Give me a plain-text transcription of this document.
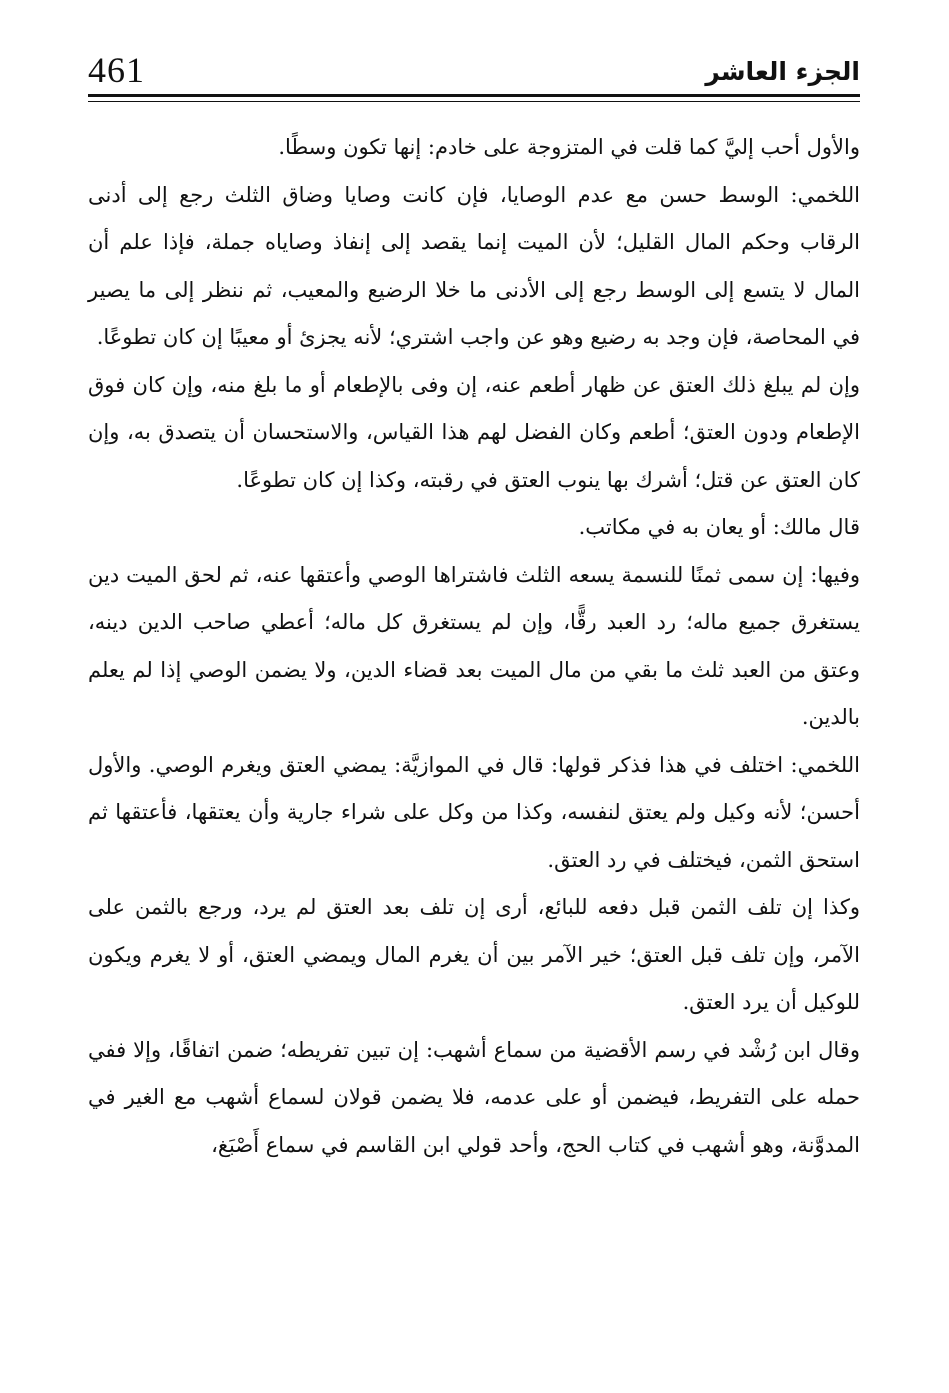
461	الجزء العاشر

والأول أحب إليَّ كما قلت في المتزوجة على خادم: إنها تكون وسطًا.

اللخمي: الوسط حسن مع عدم الوصايا، فإن كانت وصايا وضاق الثلث رجع إلى أدنى الرقاب وحكم المال القليل؛ لأن الميت إنما يقصد إلى إنفاذ وصاياه جملة، فإذا علم أن المال لا يتسع إلى الوسط رجع إلى الأدنى ما خلا الرضيع والمعيب، ثم ننظر إلى ما يصير في المحاصة، فإن وجد به رضيع وهو عن واجب اشتري؛ لأنه يجزئ أو معيبًا إن كان تطوعًا.

وإن لم يبلغ ذلك العتق عن ظهار أطعم عنه، إن وفى بالإطعام أو ما بلغ منه، وإن كان فوق الإطعام ودون العتق؛ أطعم وكان الفضل لهم هذا القياس، والاستحسان أن يتصدق به، وإن كان العتق عن قتل؛ أشرك بها ينوب العتق في رقبته، وكذا إن كان تطوعًا.

قال مالك: أو يعان به في مكاتب.

وفيها: إن سمى ثمنًا للنسمة يسعه الثلث فاشتراها الوصي وأعتقها عنه، ثم لحق الميت دين يستغرق جميع ماله؛ رد العبد رقًّا، وإن لم يستغرق كل ماله؛ أعطي صاحب الدين دينه، وعتق من العبد ثلث ما بقي من مال الميت بعد قضاء الدين، ولا يضمن الوصي إذا لم يعلم بالدين.

اللخمي: اختلف في هذا فذكر قولها: قال في الموازيَّة: يمضي العتق ويغرم الوصي. والأول أحسن؛ لأنه وكيل ولم يعتق لنفسه، وكذا من وكل على شراء جارية وأن يعتقها، فأعتقها ثم استحق الثمن، فيختلف في رد العتق.

وكذا إن تلف الثمن قبل دفعه للبائع، أرى إن تلف بعد العتق لم يرد، ورجع بالثمن على الآمر، وإن تلف قبل العتق؛ خير الآمر بين أن يغرم المال ويمضي العتق، أو لا يغرم ويكون للوكيل أن يرد العتق.

وقال ابن رُشْد في رسم الأقضية من سماع أشهب: إن تبين تفريطه؛ ضمن اتفاقًا، وإلا ففي حمله على التفريط، فيضمن أو على عدمه، فلا يضمن قولان لسماع أشهب مع الغير في المدوَّنة، وهو أشهب في كتاب الحج، وأحد قولي ابن القاسم في سماع أَصْبَغ،
